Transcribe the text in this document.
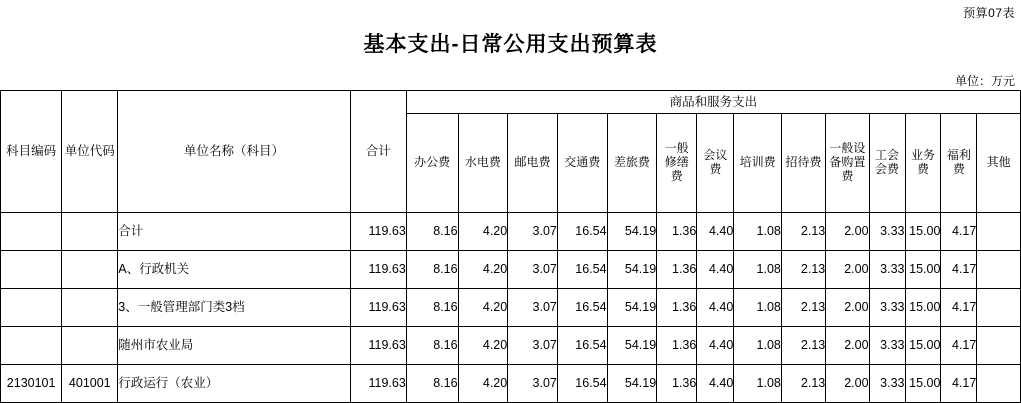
预算07表
基本支出-日常公用支出预算表
单位：万元
科目编码	单位代码	单位名称（科目）	合计	商品和服务支出													

				办公费	水电费	邮电费	交通费	差旅费	一般修缮费	会议费	培训费	招待费	一般设备购置费	工会会费	业务费	福利费	其他

		合计	119.63	8.16	4.20	3.07	16.54	54.19	1.36	4.40	1.08	2.13	2.00	3.33	15.00	4.17	
		A、行政机关	119.63	8.16	4.20	3.07	16.54	54.19	1.36	4.40	1.08	2.13	2.00	3.33	15.00	4.17	
		3、一般管理部门类3档	119.63	8.16	4.20	3.07	16.54	54.19	1.36	4.40	1.08	2.13	2.00	3.33	15.00	4.17	
		随州市农业局	119.63	8.16	4.20	3.07	16.54	54.19	1.36	4.40	1.08	2.13	2.00	3.33	15.00	4.17	
2130101	401001	行政运行（农业）	119.63	8.16	4.20	3.07	16.54	54.19	1.36	4.40	1.08	2.13	2.00	3.33	15.00	4.17	
